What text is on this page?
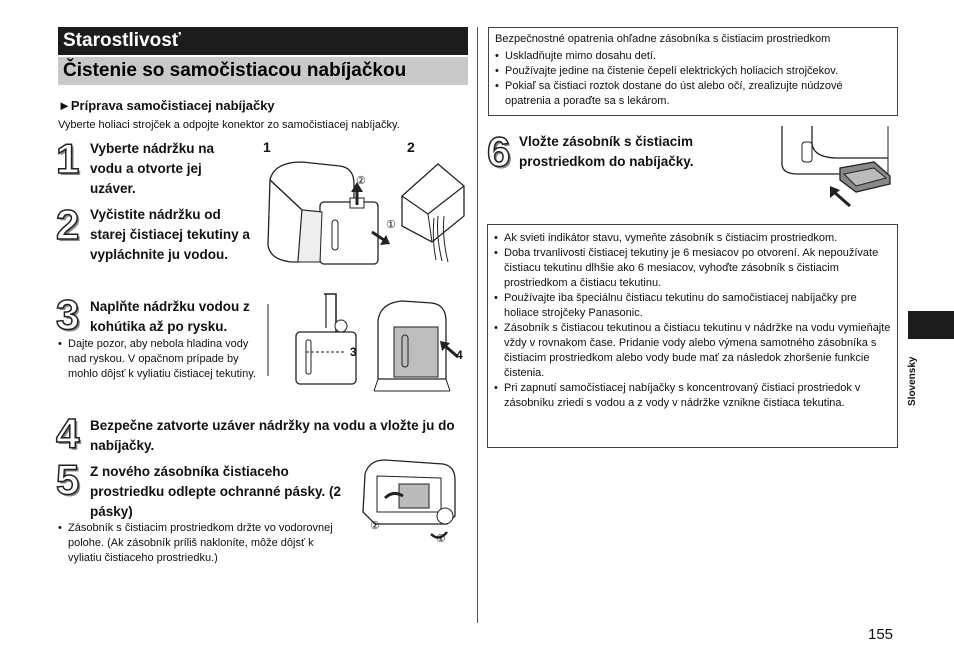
Starostlivosť
Čistenie so samočistiacou nabíjačkou
►Príprava samočistiacej nabíjačky
Vyberte holiaci strojček a odpojte konektor zo samočistiacej nabíjačky.
1 Vyberte nádržku na vodu a otvorte jej uzáver.
2 Vyčistite nádržku od starej čistiacej tekutiny a vypláchnite ju vodou.
3 Naplňte nádržku vodou z kohútika až po rysku.
• Dajte pozor, aby nebola hladina vody nad ryskou. V opačnom prípade by mohlo dôjsť k vyliatiu čistiacej tekutiny.
4 Bezpečne zatvorte uzáver nádržky na vodu a vložte ju do nabíjačky.
5 Z nového zásobníka čistiaceho prostriedku odlepte ochranné pásky. (2 pásky)
• Zásobník s čistiacim prostriedkom držte vo vodorovnej polohe. (Ak zásobník príliš nakloníte, môže dôjsť k vyliatiu čistiaceho prostriedku.)
1	2
②
①
3	4
②
①
Bezpečnostné opatrenia ohľadne zásobníka s čistiacim prostriedkom
• Uskladňujte mimo dosahu detí.
• Používajte jedine na čistenie čepelí elektrických holiacich strojčekov.
• Pokiaľ sa čistiaci roztok dostane do úst alebo očí, zrealizujte núdzové opatrenia a poraďte sa s lekárom.
6 Vložte zásobník s čistiacim prostriedkom do nabíjačky.
• Ak svieti indikátor stavu, vymeňte zásobník s čistiacim prostriedkom.
• Doba trvanlivosti čistiacej tekutiny je 6 mesiacov po otvorení. Ak nepoužívate čistiacu tekutinu dlhšie ako 6 mesiacov, vyhoďte zásobník s čistiacim prostriedkom a čistiacu tekutinu.
• Používajte iba špeciálnu čistiacu tekutinu do samočistiacej nabíjačky pre holiace strojčeky Panasonic.
• Zásobník s čistiacou tekutinou a čistiacu tekutinu v nádržke na vodu vymieňajte vždy v rovnakom čase. Pridanie vody alebo výmena samotného zásobníka s čistiacim prostriedkom alebo vody bude mať za následok zhoršenie funkcie čistenia.
• Pri zapnutí samočistiacej nabíjačky s koncentrovaný čistiaci prostriedok v zásobníku zriedi s vodou a z vody v nádržke vznikne čistiaca tekutina.	Slovensky
155
